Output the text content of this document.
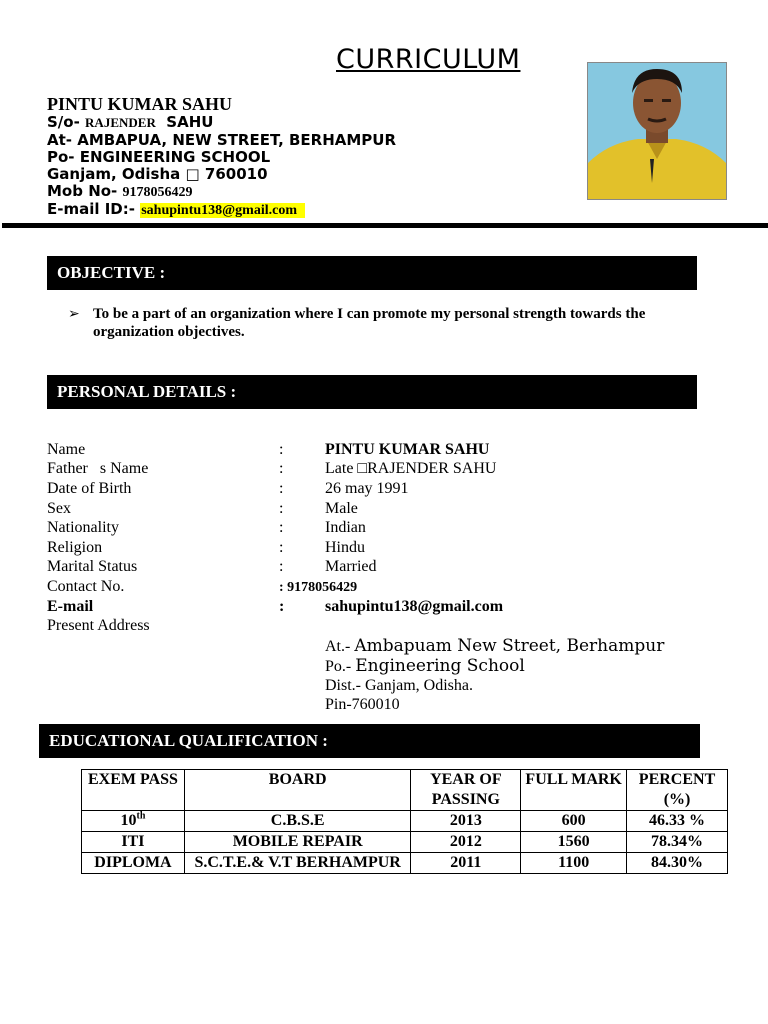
CURRICULUM
PINTU KUMAR SAHU
S/o- RAJENDER SAHU
At- AMBAPUA, NEW STREET, BERHAMPUR
Po- ENGINEERING SCHOOL
Ganjam, Odisha □ 760010
Mob No- 9178056429
E-mail ID:- sahupintu138@gmail.com
OBJECTIVE :
➢ To be a part of an organization where I can promote my personal strength towards the organization objectives.
PERSONAL DETAILS :
Name	:	PINTU KUMAR SAHU
Father   s Name	:	Late □RAJENDER SAHU
Date of Birth	:	26 may 1991
Sex	:	Male
Nationality	:	Indian
Religion	:	Hindu
Marital Status	:	Married
Contact No.	: 9178056429
E-mail	:	sahupintu138@gmail.com
Present Address
At.- Ambapuam New Street, Berhampur
Po.- Engineering School
Dist.- Ganjam, Odisha.
Pin-760010
EDUCATIONAL QUALIFICATION :
EXEM PASS	BOARD	YEAR OF PASSING	FULL MARK	PERCENT (%)
10th	C.B.S.E	2013	600	46.33 %
ITI	MOBILE REPAIR	2012	1560	78.34%
DIPLOMA	S.C.T.E.& V.T BERHAMPUR	2011	1100	84.30%
